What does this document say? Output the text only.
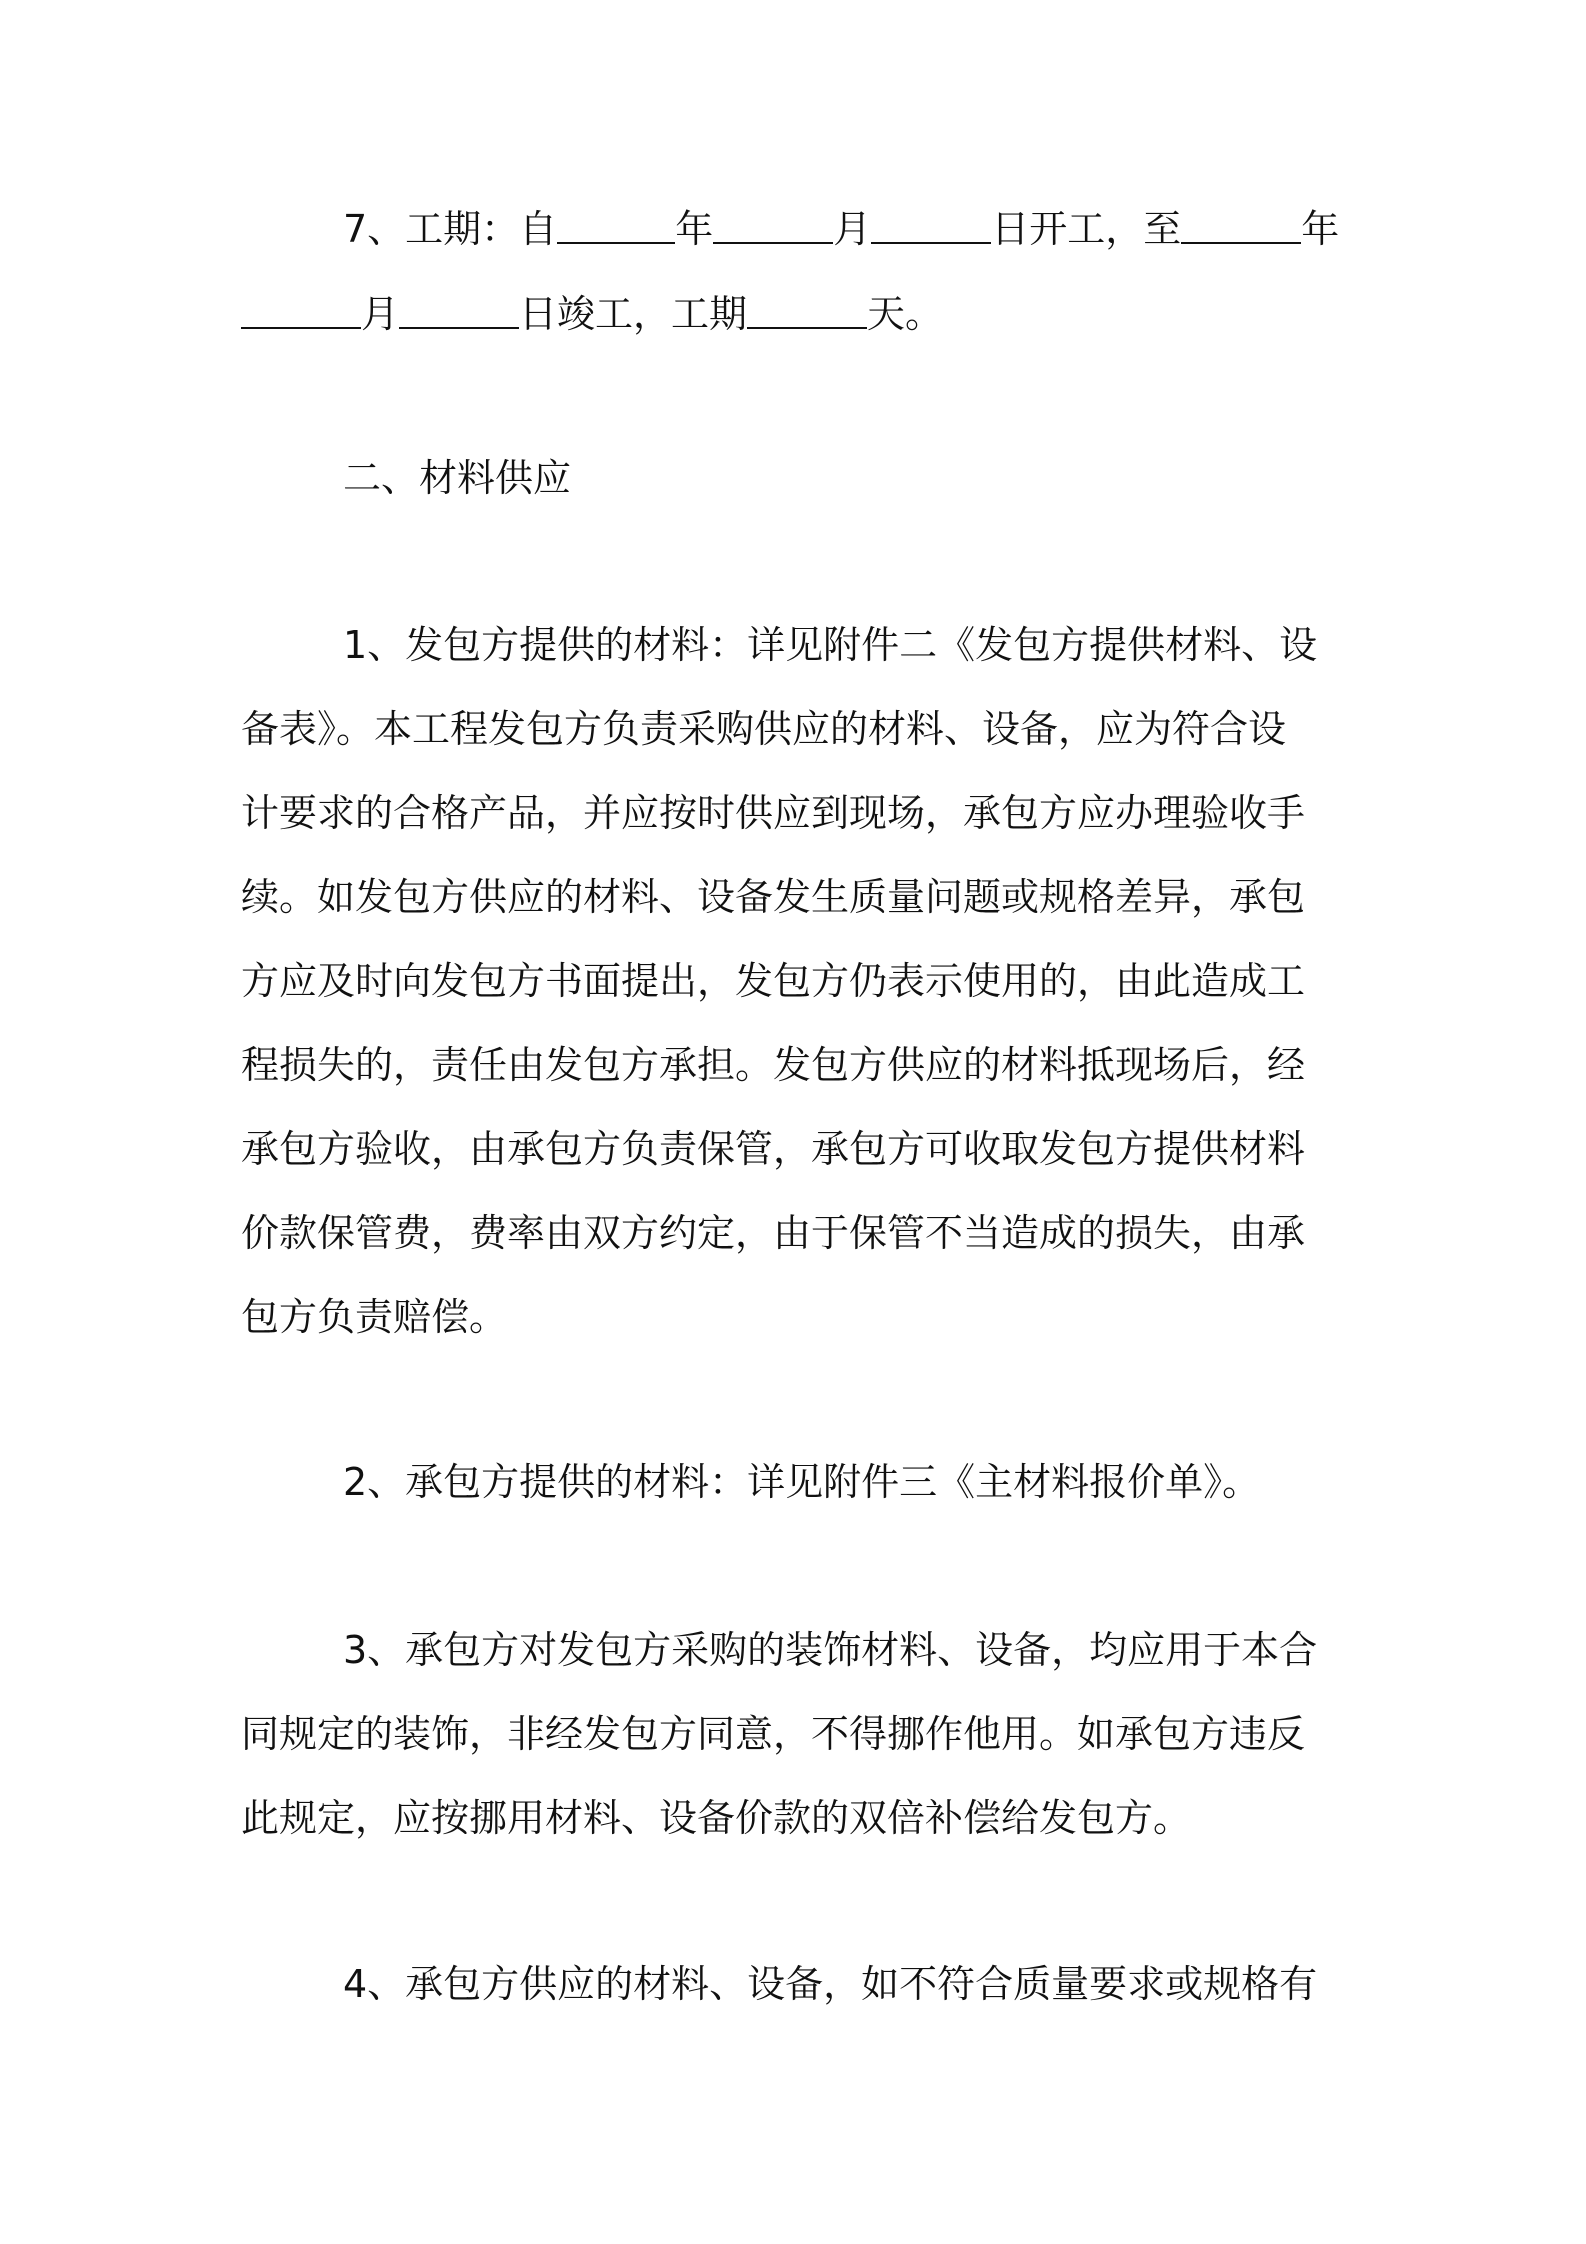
7、工期：自	年	月	日开工，至	年
月	日竣工，工期	天。
二、材料供应
1、发包方提供的材料：详见附件二《发包方提供材料、设
备表》。本工程发包方负责采购供应的材料、设备，应为符合设
计要求的合格产品，并应按时供应到现场，承包方应办理验收手
续。如发包方供应的材料、设备发生质量问题或规格差异，承包
方应及时向发包方书面提出，发包方仍表示使用的，由此造成工
程损失的，责任由发包方承担。发包方供应的材料抵现场后，经
承包方验收，由承包方负责保管，承包方可收取发包方提供材料
价款保管费，费率由双方约定，由于保管不当造成的损失，由承
包方负责赔偿。
2、承包方提供的材料：详见附件三《主材料报价单》。
3、承包方对发包方采购的装饰材料、设备，均应用于本合
同规定的装饰，非经发包方同意，不得挪作他用。如承包方违反
此规定，应按挪用材料、设备价款的双倍补偿给发包方。
4、承包方供应的材料、设备，如不符合质量要求或规格有
